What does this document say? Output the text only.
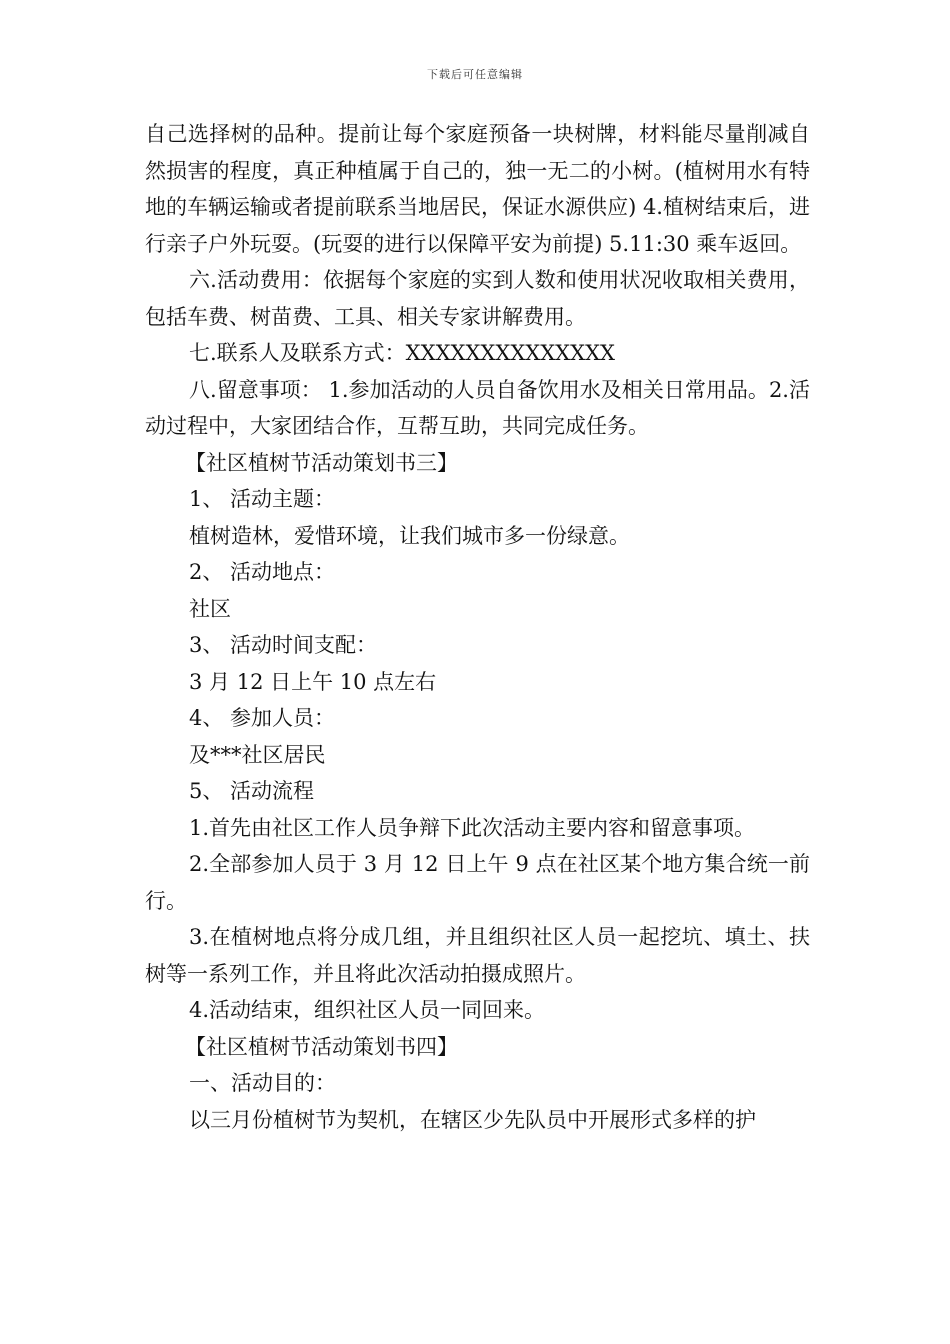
下载后可任意编辑

自己选择树的品种。提前让每个家庭预备一块树牌，材料能尽量削减自然损害的程度，真正种植属于自己的，独一无二的小树。(植树用水有特地的车辆运输或者提前联系当地居民，保证水源供应) 4.植树结束后，进行亲子户外玩耍。(玩耍的进行以保障平安为前提) 5.11:30 乘车返回。

六.活动费用：依据每个家庭的实到人数和使用状况收取相关费用，包括车费、树苗费、工具、相关专家讲解费用。

七.联系人及联系方式：XXXXXXXXXXXXXX

八.留意事项： 1.参加活动的人员自备饮用水及相关日常用品。2.活动过程中，大家团结合作，互帮互助，共同完成任务。

【社区植树节活动策划书三】

1、 活动主题：

植树造林，爱惜环境，让我们城市多一份绿意。

2、 活动地点：

社区

3、 活动时间支配：

3 月 12 日上午 10 点左右

4、 参加人员：

及***社区居民

5、 活动流程

1.首先由社区工作人员争辩下此次活动主要内容和留意事项。

2.全部参加人员于 3 月 12 日上午 9 点在社区某个地方集合统一前行。

3.在植树地点将分成几组，并且组织社区人员一起挖坑、填土、扶树等一系列工作，并且将此次活动拍摄成照片。

4.活动结束，组织社区人员一同回来。

【社区植树节活动策划书四】

一、活动目的：

以三月份植树节为契机，在辖区少先队员中开展形式多样的护
